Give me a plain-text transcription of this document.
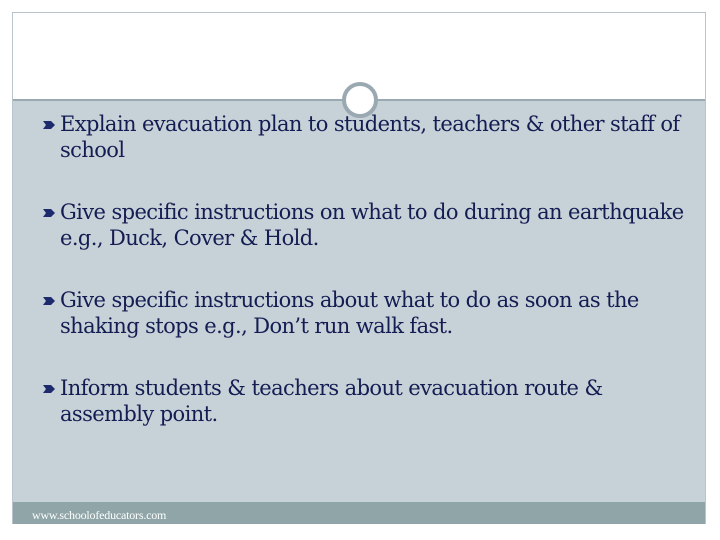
www.schoolofeducators.com
Explain evacuation plan to students, teachers & other staff of school
Give specific instructions on what to do during an earthquake e.g., Duck, Cover & Hold.
Give specific instructions about what to do as soon as the shaking stops e.g., Don’t run walk fast.
Inform students & teachers about evacuation route & assembly point.
